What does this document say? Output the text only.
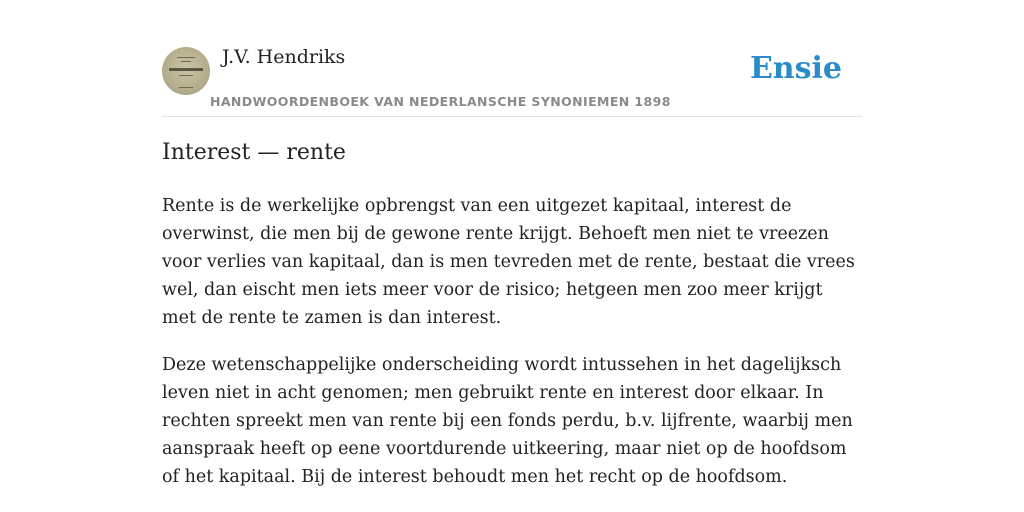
J.V. Hendriks
HANDWOORDENBOEK VAN NEDERLANSCHE SYNONIEMEN 1898
Ensie
Interest — rente

Rente is de werkelijke opbrengst van een uitgezet kapitaal, interest de overwinst, die men bij de gewone rente krijgt. Behoeft men niet te vreezen voor verlies van kapitaal, dan is men tevreden met de rente, bestaat die vrees wel, dan eischt men iets meer voor de risico; hetgeen men zoo meer krijgt met de rente te zamen is dan interest.

Deze wetenschappelijke onderscheiding wordt intussehen in het dagelijksch leven niet in acht genomen; men gebruikt rente en interest door elkaar. In rechten spreekt men van rente bij een fonds perdu, b.v. lijfrente, waarbij men aanspraak heeft op eene voortdurende uitkeering, maar niet op de hoofdsom of het kapitaal. Bij de interest behoudt men het recht op de hoofdsom.
